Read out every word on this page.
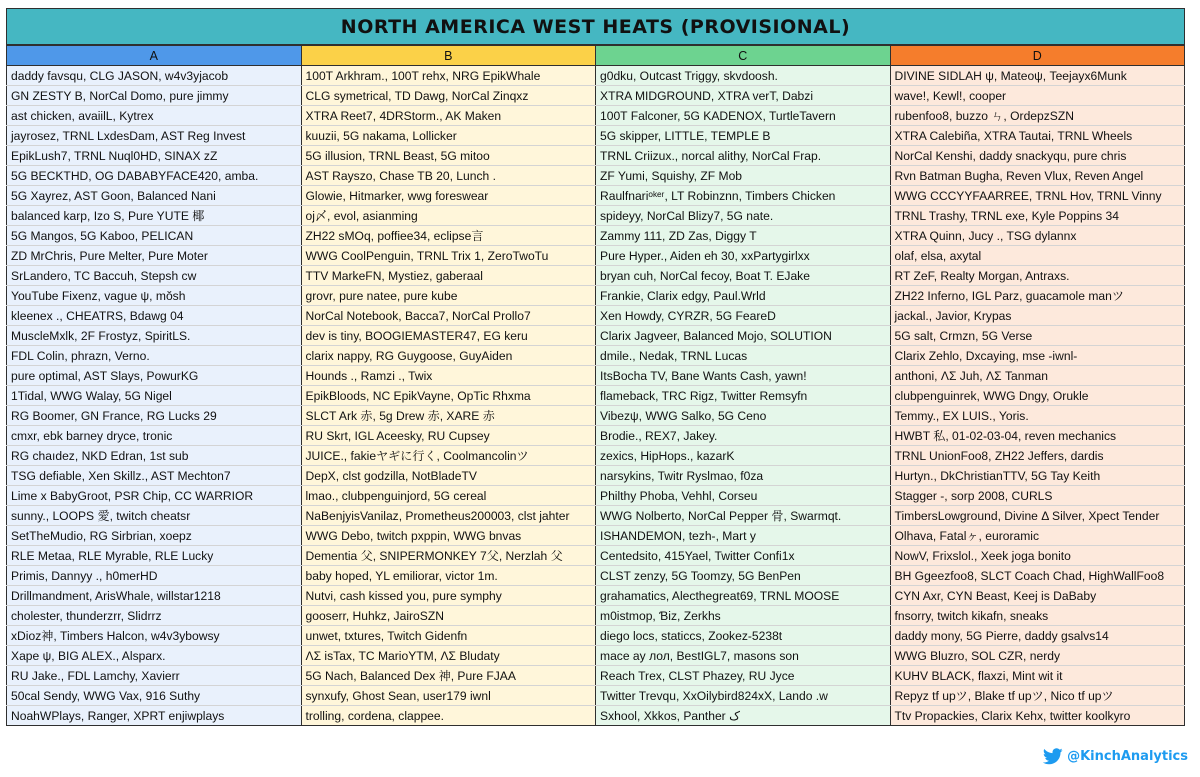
NORTH AMERICA WEST HEATS (PROVISIONAL)
A	B	C	D
daddy favsqu, CLG JASON, w4v3yjacob	100T Arkhram., 100T rehx, NRG EpikWhale	g0dku, Outcast Triggy, skvdoosh.	DIVINE SIDLAH ψ, Mateoψ, Teejayx6Munk
GN ZESTY B, NorCal Domo, pure jimmy	CLG symetrical, TD Dawg, NorCal Zinqxz	XTRA MIDGROUND, XTRA verT, Dabzi	wave!, Kewl!, cooper
ast chicken, avaiilL, Kytrex	XTRA Reet7, 4DRStorm., AK Maken	100T Falconer, 5G KADENOX, TurtleTavern	rubenfoo8, buzzo ㄣ, OrdepzSZN
jayrosez, TRNL LxdesDam, AST Reg Invest	kuuzii, 5G nakama, Lollicker	5G skipper, LITTLE, TEMPLE B	XTRA Calebiña, XTRA Tautai, TRNL Wheels
EpikLush7, TRNL Nuql0HD, SINAX zZ	5G illusion, TRNL Beast, 5G mitoo	TRNL Criizux., norcal alithy, NorCal Frap.	NorCal Kenshi, daddy snackyqu, pure chris
5G BECKTHD, OG DABABYFACE420, amba.	AST Rayszo, Chase TB 20, Lunch .	ZF Yumi, Squishy, ZF Mob	Rvn Batman Bugha, Reven Vlux, Reven Angel
5G Xayrez, AST Goon, Balanced Nani	Glowie, Hitmarker, wwg foreswear	Raulfnariᵒᵏᵉʳ, LT Robinznn, Timbers Chicken	WWG CCCYYFAARREE, TRNL Hov, TRNL Vinny
balanced karp, Izo S, Pure YUTE 椰	oj〆, evol, asianming	spideyy, NorCal Blizy7, 5G nate.	TRNL Trashy, TRNL exe, Kyle Poppins 34
5G Mangos, 5G Kaboo, PELICAN	ZH22 sMOq, poffiee34, eclipse言	Zammy 111, ZD Zas, Diggy T	XTRA Quinn, Jucy ., TSG dylannx
ZD MrChris, Pure Melter, Pure Moter	WWG CoolPenguin, TRNL Trix 1, ZeroTwoTu	Pure Hyper., Aiden eh 30, xxPartygirlxx	olaf, elsa, axytal
SrLandero, TC Baccuh, Stepsh cw	TTV MarkeFN, Mystiez, gaberaal	bryan cuh, NorCal fecoy, Boat T. EJake	RT ZeF, Realty Morgan, Antraxs.
YouTube Fixenz, vague ψ, mŏsh	grovr, pure natee, pure kube	Frankie, Clarix edgy, Paul.Wrld	ZH22 Inferno, IGL Parz, guacamole manツ
kleenex ., CHEATRS, Bdawg 04	NorCal Notebook, Bacca7, NorCal Prollo7	Xen Howdy, CYRZR, 5G FeareD	jackal., Javior, Krypas
MuscleMxlk, 2F Frostyz, SpiritLS.	dev is tiny, BOOGIEMASTER47, EG keru	Clarix Jagveer, Balanced Mojo, SOLUTION	5G salt, Crmzn, 5G Verse
FDL Colin, phrazn, Verno.	clarix nappy, RG Guygoose, GuyAiden	dmile., Nedak, TRNL Lucas	Clarix Zehlo, Dxcaying, mse -iwnl-
pure optimal, AST Slays, PowurKG	Hounds ., Ramzi ., Twix	ItsBocha TV, Bane Wants Cash, yawn!	anthoni, ΛΣ Juh, ΛΣ Tanman
1Tidal, WWG Walay, 5G Nigel	EpikBloods, NC EpikVayne, OpTic Rhxma	flameback, TRC Rigz, Twitter Remsyfn	clubpenguinrek, WWG Dngy, Orukle
RG Boomer, GN France, RG Lucks 29	SLCT Ark 赤, 5g Drew 赤, XARE 赤	Vibezψ, WWG Salko, 5G Ceno	Temmy., EX LUIS., Yoris.
cmxr, ebk barney dryce, tronic	RU Skrt, IGL Aceesky, RU Cupsey	Brodie., REX7, Jakey.	HWBT 私, 01-02-03-04, reven mechanics
RG chaıdez, NKD Edran, 1st sub	JUICE., fakieヤギに行く, Coolmancolinツ	zexics, HipHops., kazarK	TRNL UnionFoo8, ZH22 Jeffers, dardis
TSG defiable, Xen Skillz., AST Mechton7	DepX, clst godzilla, NotBladeTV	narsykins, Twitr Ryslmao, f0za	Hurtyn., DkChristianTTV, 5G Tay Keith
Lime x BabyGroot, PSR Chip, CC WARRIOR	lmao., clubpenguinjord, 5G cereal	Philthy Phoba, Vehhl, Corseu	Stagger -, sorp 2008, CURLS
sunny., LOOPS 愛, twitch cheatsr	NaBenjyisVanilaz, Prometheus200003, clst jahter	WWG Nolberto, NorCal Pepper 骨, Swarmqt.	TimbersLowground, Divine Δ Silver, Xpect Tender
SetTheMudio, RG Sirbrian, xoepz	WWG Debo, twitch pxppin, WWG bnvas	ISHANDEMON, tezh-, Mart y	Olhava, Fatalヶ, euroramic
RLE Metaa, RLE Myrable, RLE Lucky	Dementia 父, SNIPERMONKEY 7父, Nerzlah 父	Centedsito, 415Yael, Twitter Confi1x	NowV, Frixslol., Xeek joga bonito
Primis, Dannyy ., h0merHD	baby hoped, YL emiliorar, victor 1m.	CLST zenzy, 5G Toomzy, 5G BenPen	BH Ggeezfoo8, SLCT Coach Chad, HighWallFoo8
Drillmandment, ArisWhale, willstar1218	Nutvi, cash kissed you, pure symphy	grahamatics, Alecthegreat69, TRNL MOOSE	CYN Axr, CYN Beast, Keej is DaBaby
cholester, thunderzrr, Slidrrz	gooserr, Huhkz, JairoSZN	m0istmop, Ɓiz, Zerkhs	fnsorry, twitch kikafn, sneaks
xDioz神, Timbers Halcon, w4v3ybowsy	unwet, txtures, Twitch Gidenfn	diego locs, staticcs, Zookez-5238t	daddy mony, 5G Pierre, daddy gsalvs14
Xape ψ, BIG ALEX., Alsparx.	ΛΣ isTax, TC MarioYTM, ΛΣ Bludaty	mace ay лол, BestIGL7, masons son	WWG Bluzro, SOL CZR, nerdy
RU Jake., FDL Lamchy, Xavierr	5G Nach, Balanced Dex 神, Pure FJAA	Reach Trex, CLST Phazey, RU Jyce	KUHV BLACK, flaxzi, Mint wit it
50cal Sendy, WWG Vax, 916 Suthy	synxufy, Ghost Sean, user179 iwnl	Twitter Trevqu, XxOilybird824xX, Lando .w	Repyz tf upツ, Blake tf upツ, Nico tf upツ
NoahWPlays, Ranger, XPRT enjiwplays	trolling, cordena, clappee.	Sxhool, Xkkos, Panther ﮎ	Ttv Propackies, Clarix Kehx, twitter koolkyro
@KinchAnalytics
